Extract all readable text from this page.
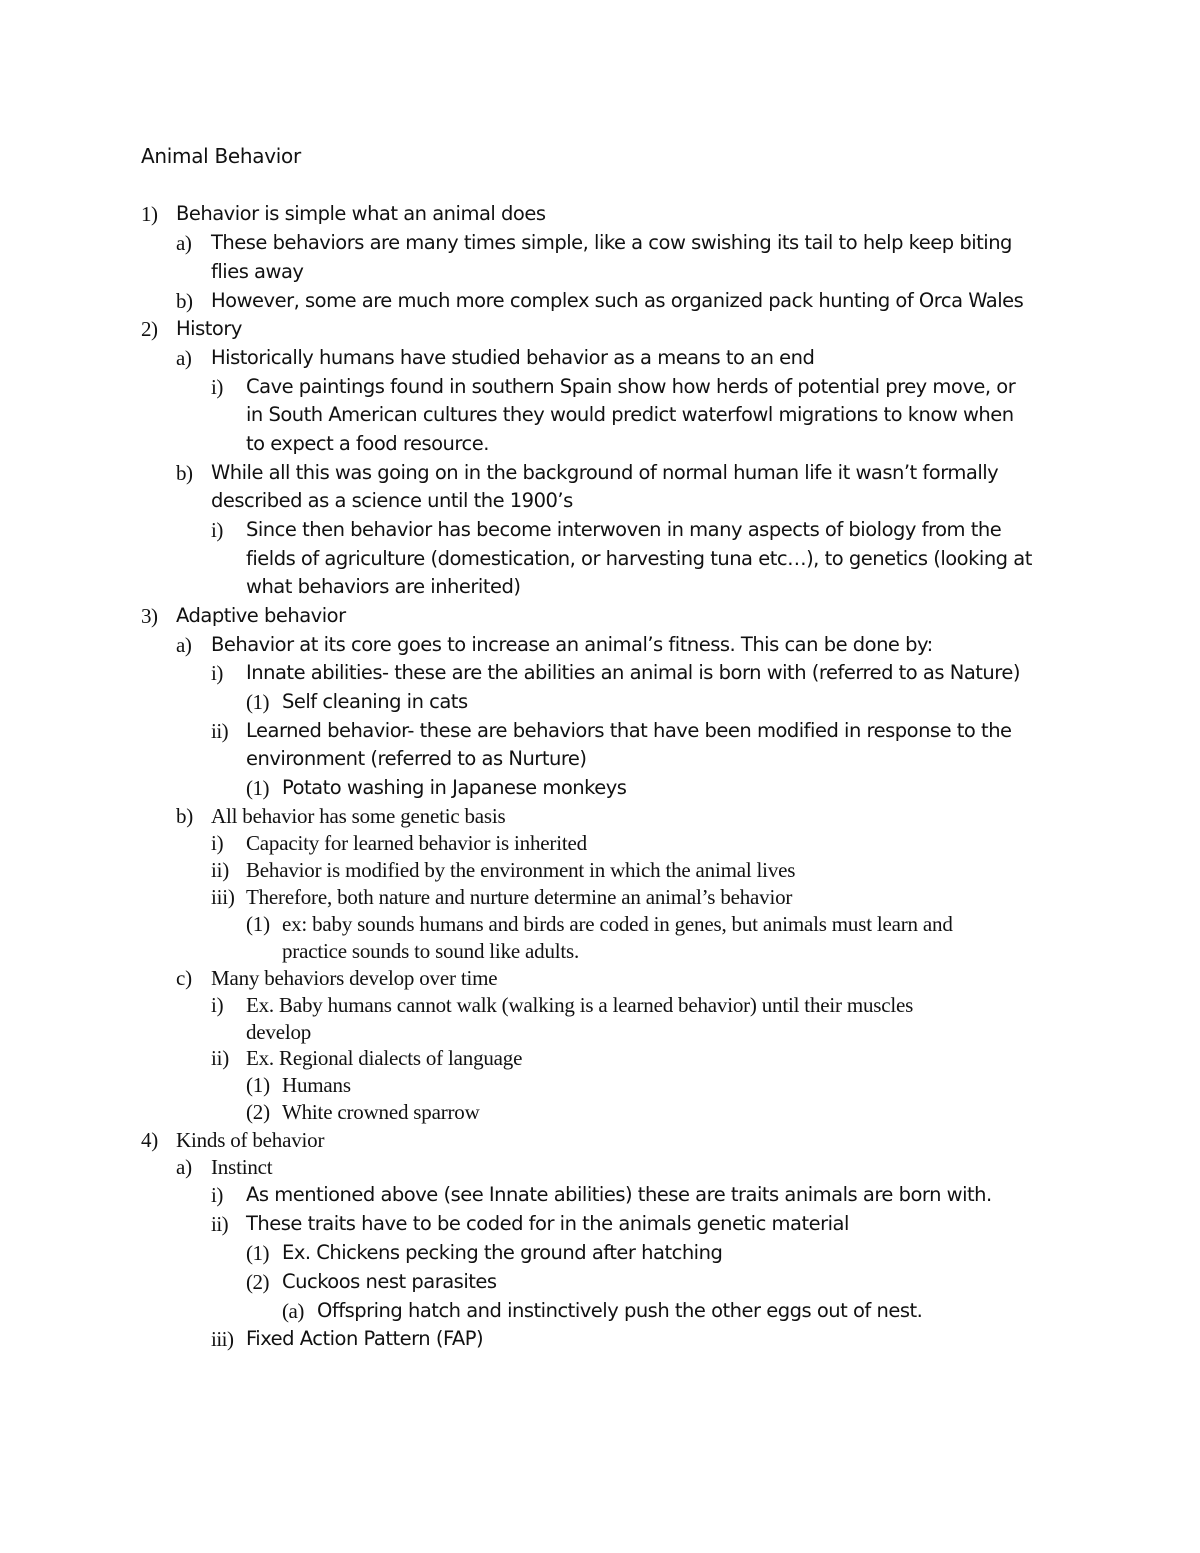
Animal Behavior
1) Behavior is simple what an animal does
a) These behaviors are many times simple, like a cow swishing its tail to help keep biting
flies away
b) However, some are much more complex such as organized pack hunting of Orca Wales
2) History
a) Historically humans have studied behavior as a means to an end
i) Cave paintings found in southern Spain show how herds of potential prey move, or
in South American cultures they would predict waterfowl migrations to know when
to expect a food resource.
b) While all this was going on in the background of normal human life it wasn’t formally
described as a science until the 1900’s
i) Since then behavior has become interwoven in many aspects of biology from the
fields of agriculture (domestication, or harvesting tuna etc…), to genetics (looking at
what behaviors are inherited)
3) Adaptive behavior
a) Behavior at its core goes to increase an animal’s fitness. This can be done by:
i) Innate abilities- these are the abilities an animal is born with (referred to as Nature)
(1) Self cleaning in cats
ii) Learned behavior- these are behaviors that have been modified in response to the
environment (referred to as Nurture)
(1) Potato washing in Japanese monkeys
b) All behavior has some genetic basis
i) Capacity for learned behavior is inherited
ii) Behavior is modified by the environment in which the animal lives
iii) Therefore, both nature and nurture determine an animal’s behavior
(1) ex: baby sounds humans and birds are coded in genes, but animals must learn and
practice sounds to sound like adults.
c) Many behaviors develop over time
i) Ex. Baby humans cannot walk (walking is a learned behavior) until their muscles
develop
ii) Ex. Regional dialects of language
(1) Humans
(2) White crowned sparrow
4) Kinds of behavior
a) Instinct
i) As mentioned above (see Innate abilities) these are traits animals are born with.
ii) These traits have to be coded for in the animals genetic material
(1) Ex. Chickens pecking the ground after hatching
(2) Cuckoos nest parasites
(a) Offspring hatch and instinctively push the other eggs out of nest.
iii) Fixed Action Pattern (FAP)
